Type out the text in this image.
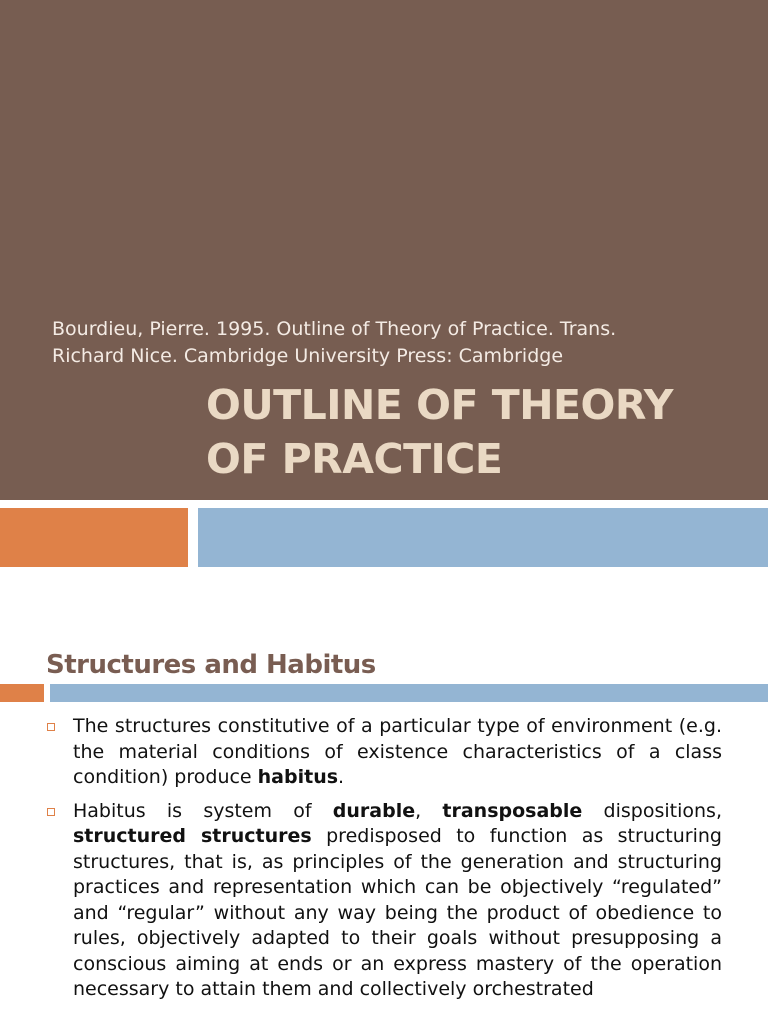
Bourdieu, Pierre. 1995. Outline of Theory of Practice. Trans.
Richard Nice. Cambridge University Press: Cambridge

OUTLINE OF THEORY
OF PRACTICE
Structures and Habitus

The structures constitutive of a particular type of environment (e.g. the material conditions of existence characteristics of a class condition) produce habitus.

Habitus is system of durable, transposable dispositions, structured structures predisposed to function as structuring structures, that is, as principles of the generation and structuring practices and representation which can be objectively “regulated” and “regular” without any way being the product of obedience to rules, objectively adapted to their goals without presupposing a conscious aiming at ends or an express mastery of the operation necessary to attain them and collectively orchestrated
